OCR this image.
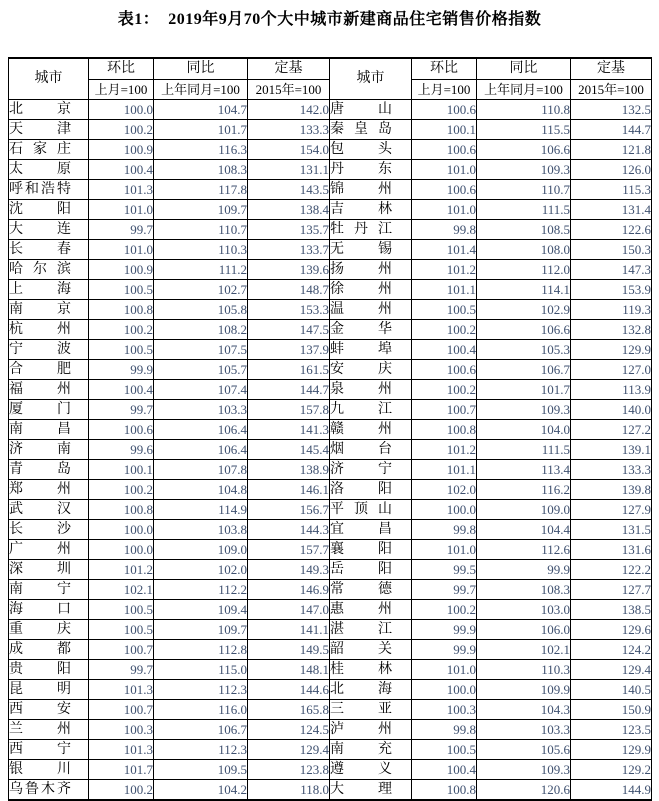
表1：  2019年9月70个大中城市新建商品住宅销售价格指数
城市	环比	同比	定基	城市	环比	同比	定基
	上月=100	上年同月=100	2015年=100		上月=100	上年同月=100	2015年=100
北京	100.0	104.7	142.0	唐山	100.6	110.8	132.5
天津	100.2	101.7	133.3	秦皇岛	100.1	115.5	144.7
石家庄	100.9	116.3	154.0	包头	100.6	106.6	121.8
太原	100.4	108.3	131.1	丹东	101.0	109.3	126.0
呼和浩特	101.3	117.8	143.5	锦州	100.6	110.7	115.3
沈阳	101.0	109.7	138.4	吉林	101.0	111.5	131.4
大连	99.7	110.7	135.7	牡丹江	99.8	108.5	122.6
长春	101.0	110.3	133.7	无锡	101.4	108.0	150.3
哈尔滨	100.9	111.2	139.6	扬州	101.2	112.0	147.3
上海	100.5	102.7	148.7	徐州	101.1	114.1	153.9
南京	100.8	105.8	153.3	温州	100.5	102.9	119.3
杭州	100.2	108.2	147.5	金华	100.2	106.6	132.8
宁波	100.5	107.5	137.9	蚌埠	100.4	105.3	129.9
合肥	99.9	105.7	161.5	安庆	100.6	106.7	127.0
福州	100.4	107.4	144.7	泉州	100.2	101.7	113.9
厦门	99.7	103.3	157.8	九江	100.7	109.3	140.0
南昌	100.6	106.4	141.3	赣州	100.8	104.0	127.2
济南	99.6	106.4	145.4	烟台	101.2	111.5	139.1
青岛	100.1	107.8	138.9	济宁	101.1	113.4	133.3
郑州	100.2	104.8	146.1	洛阳	102.0	116.2	139.8
武汉	100.8	114.9	156.7	平顶山	100.0	109.0	127.9
长沙	100.0	103.8	144.3	宜昌	99.8	104.4	131.5
广州	100.0	109.0	157.7	襄阳	101.0	112.6	131.6
深圳	101.2	102.0	149.3	岳阳	99.5	99.9	122.2
南宁	102.1	112.2	146.9	常德	99.7	108.3	127.7
海口	100.5	109.4	147.0	惠州	100.2	103.0	138.5
重庆	100.5	109.7	141.1	湛江	99.9	106.0	129.6
成都	100.7	112.8	149.5	韶关	99.9	102.1	124.2
贵阳	99.7	115.0	148.1	桂林	101.0	110.3	129.4
昆明	101.3	112.3	144.6	北海	100.0	109.9	140.5
西安	100.7	116.0	165.8	三亚	100.3	104.3	150.9
兰州	100.3	106.7	124.5	泸州	99.8	103.3	123.5
西宁	101.3	112.3	129.4	南充	100.5	105.6	129.9
银川	101.7	109.5	123.8	遵义	100.4	109.3	129.2
乌鲁木齐	100.2	104.2	118.0	大理	100.8	120.6	144.9
